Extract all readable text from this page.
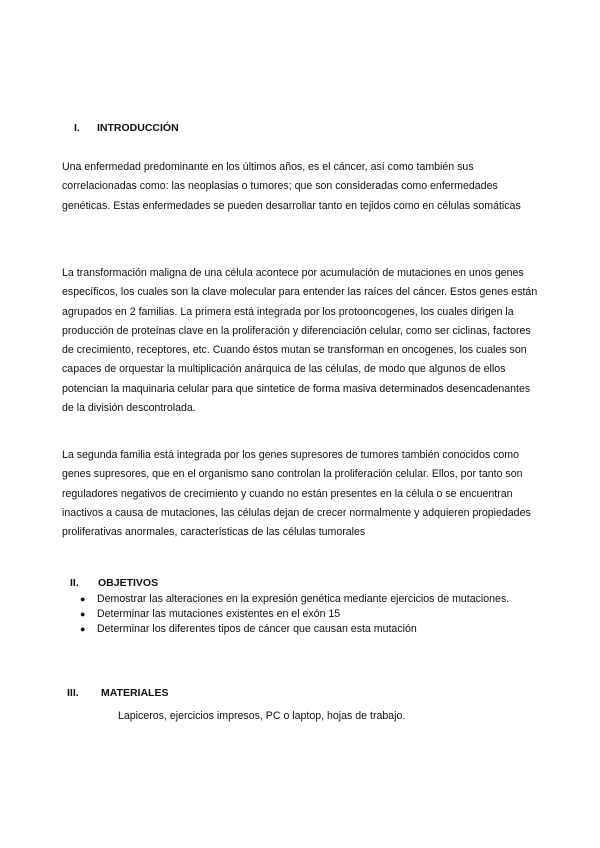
I. INTRODUCCIÓN

Una enfermedad predominante en los últimos años, es el cáncer, así como también sus correlacionadas como: las neoplasias o tumores; que son consideradas como enfermedades genéticas. Estas enfermedades se pueden desarrollar tanto en tejidos como en células somáticas

La transformación maligna de una célula acontece por acumulación de mutaciones en unos genes específicos, los cuales son la clave molecular para entender las raíces del cáncer. Estos genes están agrupados en 2 familias. La primera está integrada por los protooncogenes, los cuales dirigen la producción de proteínas clave en la proliferación y diferenciación celular, como ser ciclinas, factores de crecimiento, receptores, etc. Cuando éstos mutan se transforman en oncogenes, los cuales son capaces de orquestar la multiplicación anárquica de las células, de modo que algunos de ellos potencian la maquinaria celular para que sintetice de forma masiva determinados desencadenantes de la división descontrolada.

La segunda familia está integrada por los genes supresores de tumores también conocidos como genes supresores, que en el organismo sano controlan la proliferación celular. Ellos, por tanto son reguladores negativos de crecimiento y cuando no están presentes en la célula o se encuentran inactivos a causa de mutaciones, las células dejan de crecer normalmente y adquieren propiedades proliferativas anormales, características de las células tumorales

II. OBJETIVOS
● Demostrar las alteraciones en la expresión genética mediante ejercicios de mutaciones.
● Determinar las mutaciones existentes en el exón 15
● Determinar los diferentes tipos de cáncer que causan esta mutación
III. MATERIALES
Lapiceros, ejercicios impresos, PC o laptop, hojas de trabajo.
